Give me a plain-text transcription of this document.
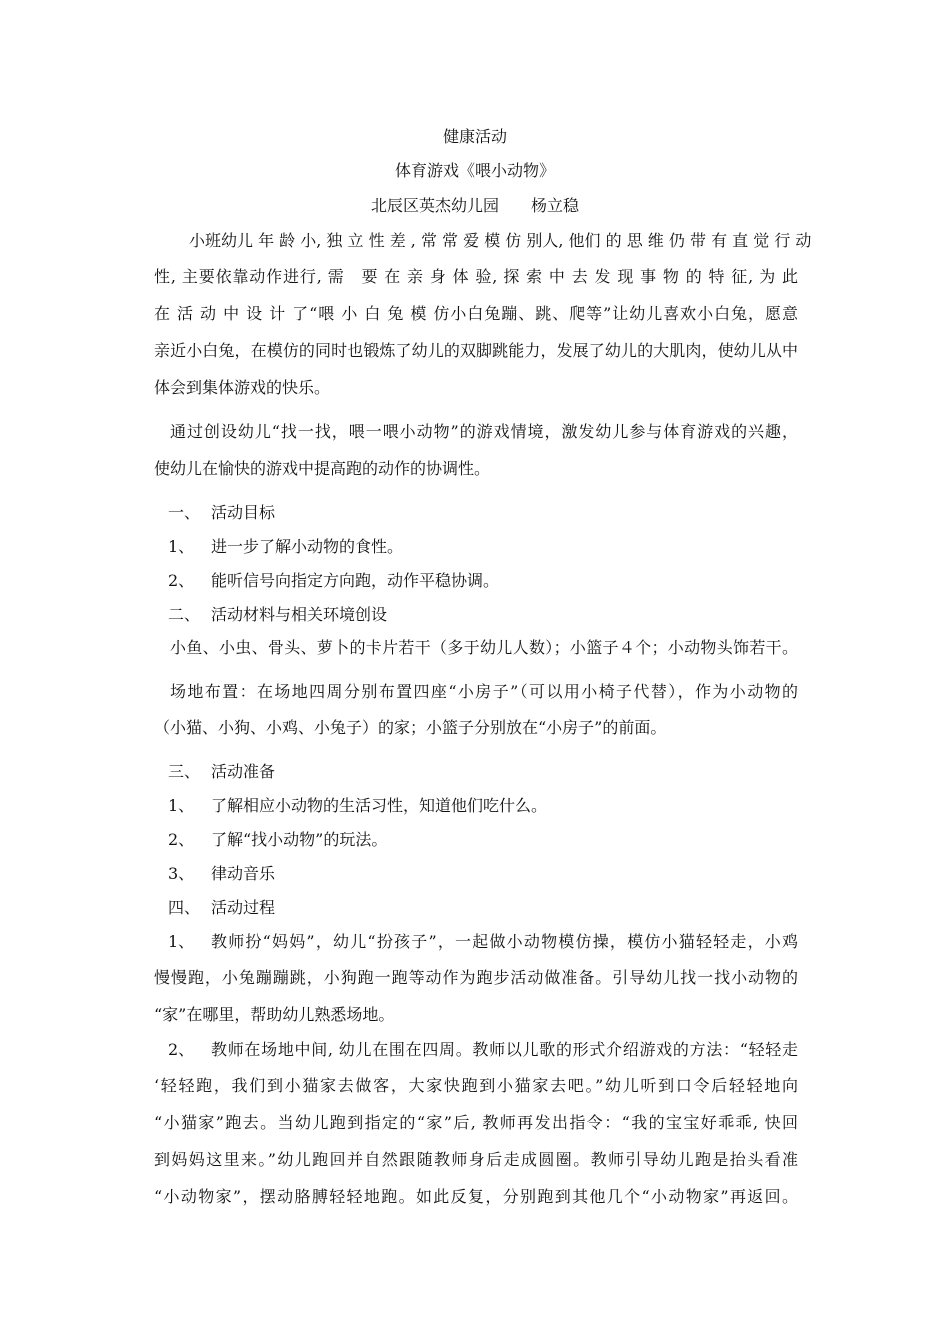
健康活动
体育游戏《喂小动物》
北辰区英杰幼儿园　　杨立稳
小班幼儿 年 龄 小, 独 立 性 差 , 常 常 爱 模 仿 别人, 他们 的 思 维 仍 带 有 直 觉 行 动
性, 主要依靠动作进行, 需　要 在 亲 身 体 验, 探 索 中 去 发 现 事 物 的 特 征, 为 此
在 活 动 中 设 计 了“喂 小 白 兔 模 仿小白兔蹦、跳、爬等”让幼儿喜欢小白兔，愿意
亲近小白兔，在模仿的同时也锻炼了幼儿的双脚跳能力，发展了幼儿的大肌肉，使幼儿从中
体会到集体游戏的快乐。
通过创设幼儿“找一找，喂一喂小动物”的游戏情境，激发幼儿参与体育游戏的兴趣，
使幼儿在愉快的游戏中提高跑的动作的协调性。
一、 活动目标
1、 进一步了解小动物的食性。
2、 能听信号向指定方向跑，动作平稳协调。
二、 活动材料与相关环境创设
小鱼、小虫、骨头、萝卜的卡片若干（多于幼儿人数）；小篮子４个；小动物头饰若干。
场地布置：在场地四周分别布置四座“小房子”（可以用小椅子代替），作为小动物的
（小猫、小狗、小鸡、小兔子）的家；小篮子分别放在“小房子”的前面。
三、 活动准备
1、 了解相应小动物的生活习性，知道他们吃什么。
2、 了解“找小动物”的玩法。
3、 律动音乐
四、 活动过程
1、 教师扮“妈妈”，幼儿“扮孩子”，一起做小动物模仿操，模仿小猫轻轻走，小鸡
慢慢跑，小兔蹦蹦跳，小狗跑一跑等动作为跑步活动做准备。引导幼儿找一找小动物的
“家”在哪里，帮助幼儿熟悉场地。
2、 教师在场地中间, 幼儿在围在四周。教师以儿歌的形式介绍游戏的方法：“轻轻走
‘轻轻跑，我们到小猫家去做客，大家快跑到小猫家去吧。”幼儿听到口令后轻轻地向
“小猫家”跑去。当幼儿跑到指定的“家”后, 教师再发出指令：“我的宝宝好乖乖, 快回
到妈妈这里来。”幼儿跑回并自然跟随教师身后走成圆圈。教师引导幼儿跑是抬头看准
“小动物家”，摆动胳膊轻轻地跑。如此反复，分别跑到其他几个“小动物家”再返回。
